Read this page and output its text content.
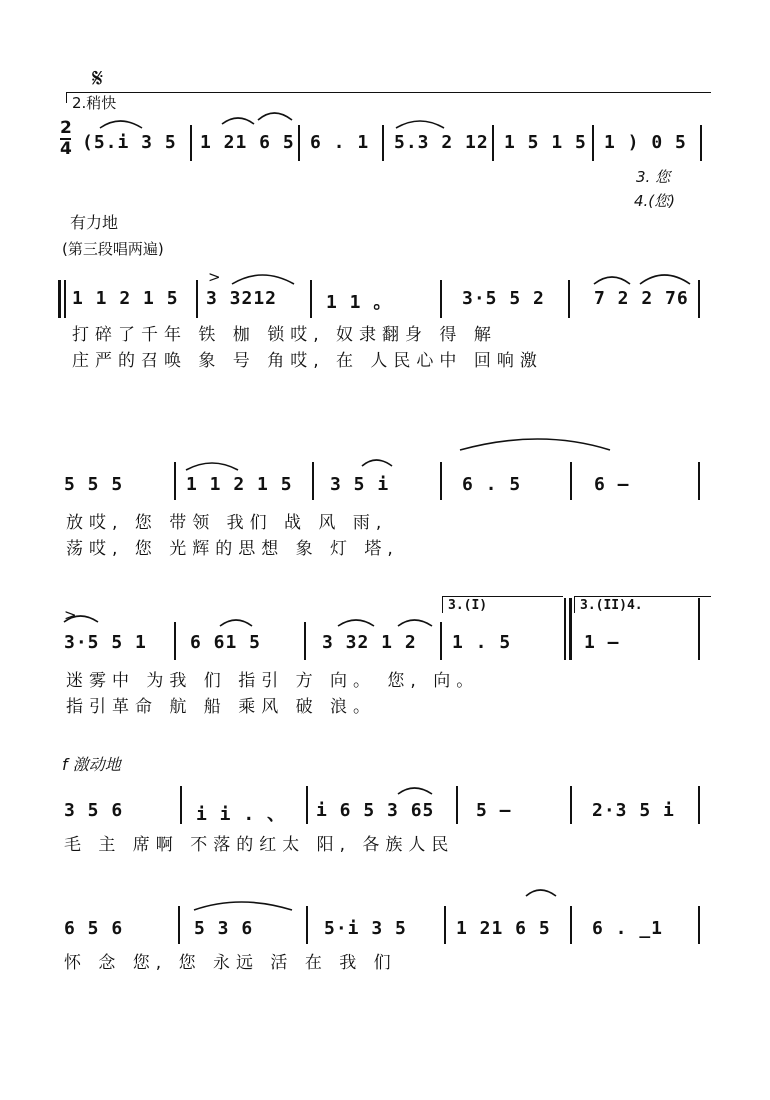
𝄋
2.稍快
2
4 (5.i 3 5 1 21 6 5 6 . 1 5.3 2 12 1 5 1 5 1 ) 0 5
3. 您
4.(您)
有力地
(第三段唱两遍)
1 1 2 1 5 3 3212	1 1 。	3·5 5 2	7 2 2 76
>
打碎了千年 铁 枷 锁哎, 奴隶翻身 得 解
庄严的召唤 象 号 角哎, 在 人民心中 回响激
5 5 5	1 1 2 1 5 3 5 i	6 . 5	6 –
放哎, 您 带领 我们 战 风 雨,
荡哎, 您 光辉的思想 象 灯 塔,
>
3·5 5 1 6 61 5	3 32 1 2 1 . 5	1 –
3.(I)	3.(II)4.
迷雾中 为我 们 指引 方 向。 您, 向。
指引革命 航 船 乘风 破 浪。
f 激动地
3 5 6	i i . 、 i 6 5 3 65 5 –	2·3 5 i
毛 主 席啊 不落的红太 阳, 各族人民
6 5 6	5 3 6	5·i 3 5	1 21 6 5 6 . _1
怀 念 您, 您 永远 活 在 我 们
